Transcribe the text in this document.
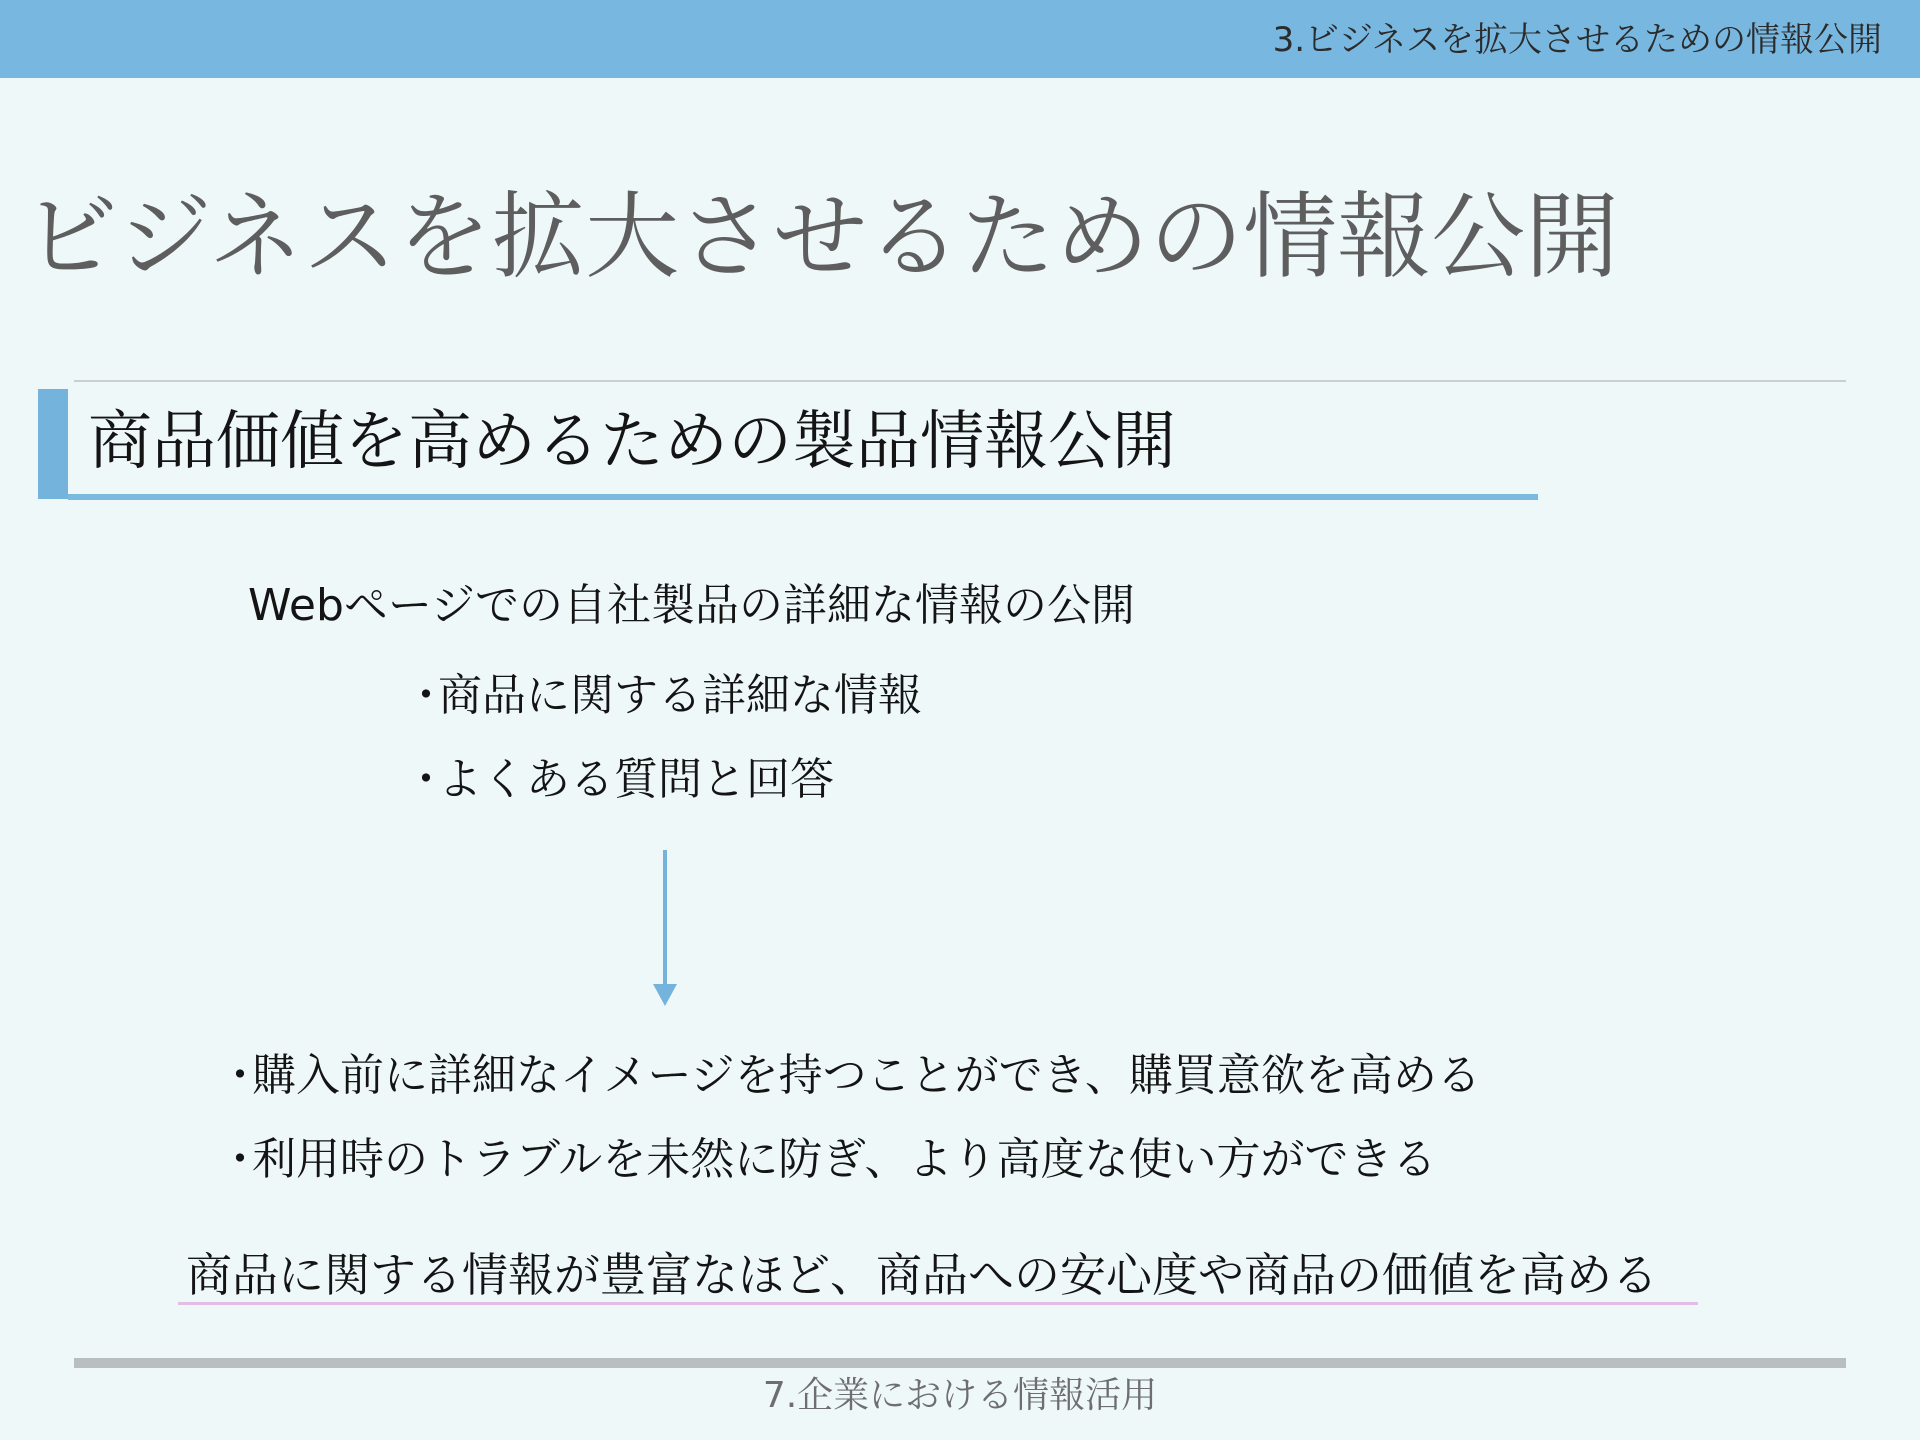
3.ビジネスを拡大させるための情報公開
ビジネスを拡大させるための情報公開
商品価値を高めるための製品情報公開
Webページでの自社製品の詳細な情報の公開
・商品に関する詳細な情報
・よくある質問と回答
・購入前に詳細なイメージを持つことができ、購買意欲を高める
・利用時のトラブルを未然に防ぎ、より高度な使い方ができる
商品に関する情報が豊富なほど、商品への安心度や商品の価値を高める
7.企業における情報活用
